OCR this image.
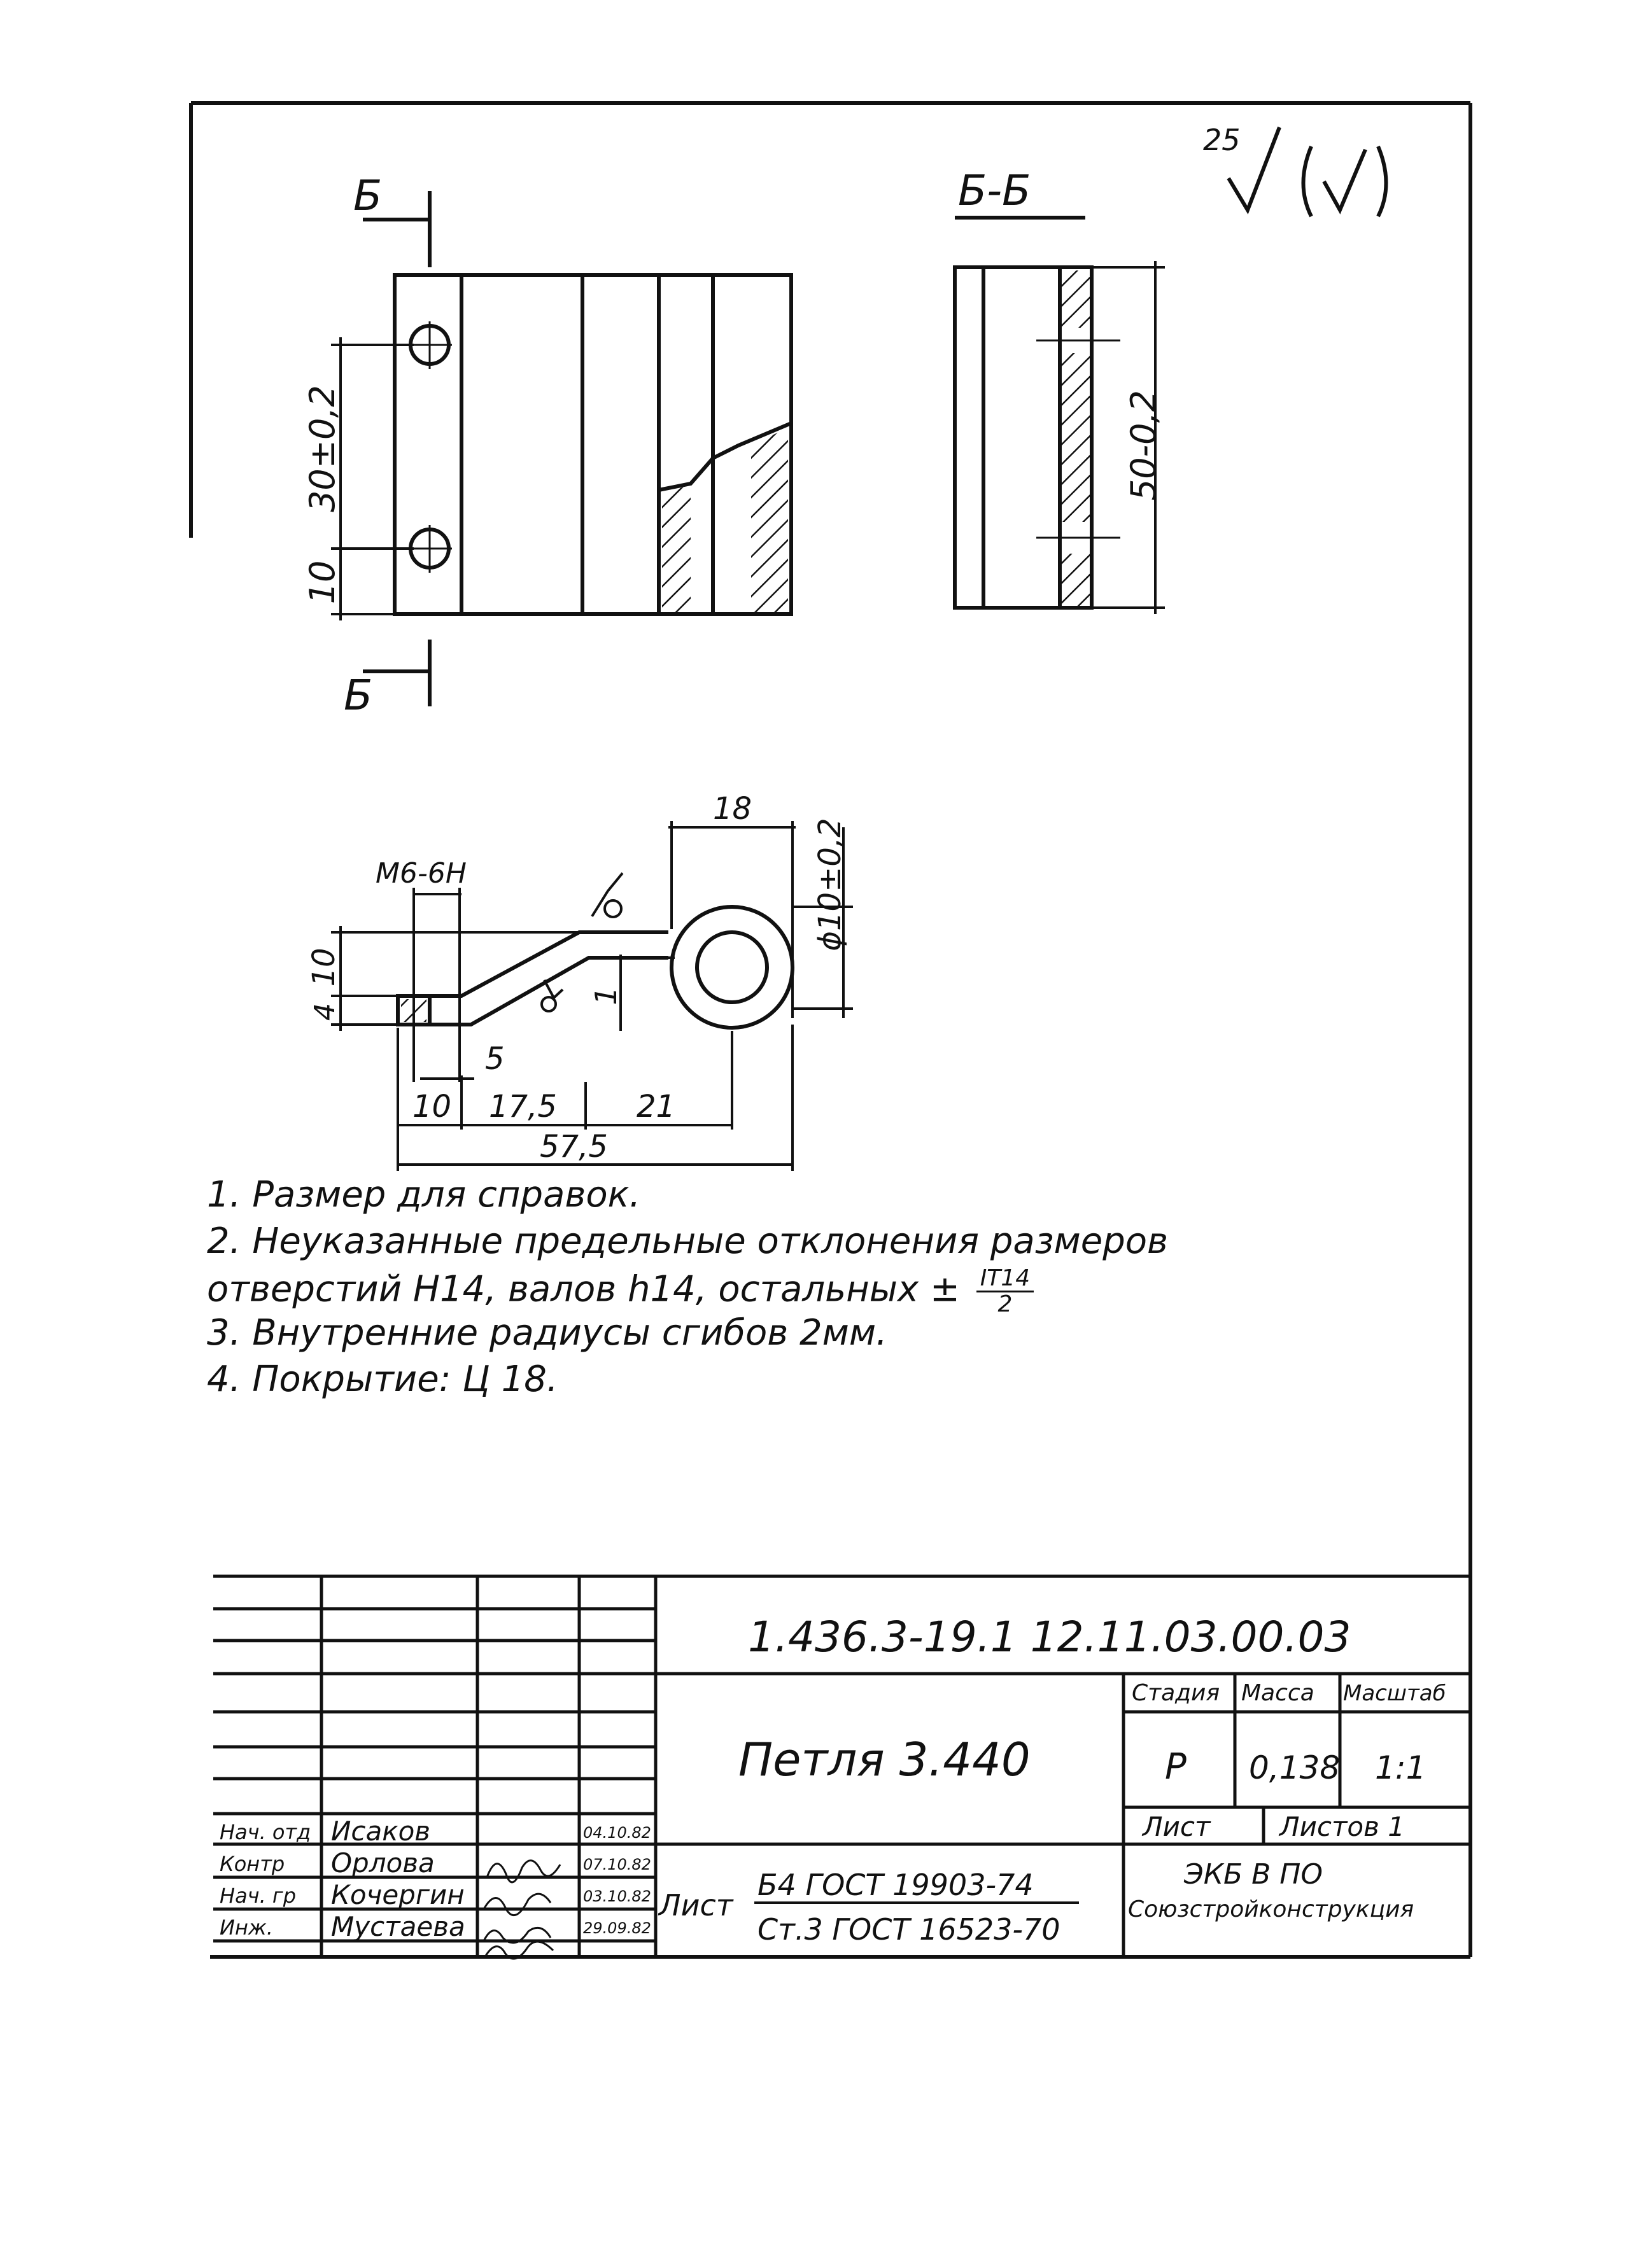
25
30±0,2
10
Б
Б
Б-Б
50-0,2
М6-6Н
18
ϕ10±0,2
10
4
1
5
10 17,5	21
57,5
1.436.3-19.1 12.11.03.00.03
Петля 3.440
Стадия Масса Масштаб
Р 0,138 1:1
Лист	Листов 1
Лист
Б4 ГОСТ 19903-74
Ст.3 ГОСТ 16523-70
ЭКБ В ПО
Союзстройконструкция
Нач. отд Исаков	04.10.82
Контр Орлова	07.10.82
Нач. гр Кочергин	03.10.82
Инж. Мустаева	29.09.82
1. Размер для справок.
2. Неуказанные предельные отклонения размеров
отверстий Н14, валов h14, остальных ± $\frac{IT14}{2}$
3. Внутренние радиусы сгибов 2мм.
4. Покрытие: Ц 18.
